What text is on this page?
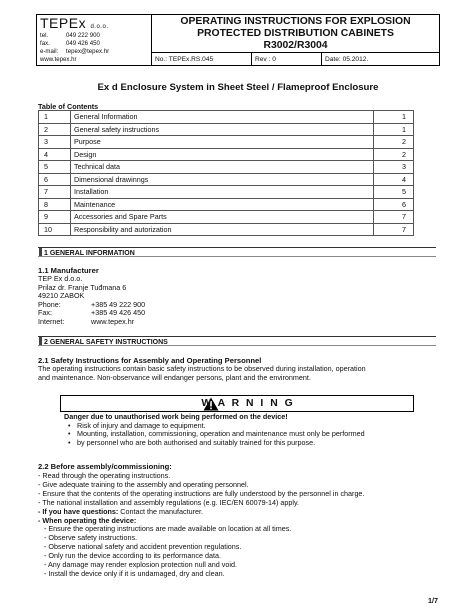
TEPEx d.o.o.
tel.	049 222 900
fax.	049 426 450
e-mail: tepex@tepex.hr
www.tepex.hr
OPERATING INSTRUCTIONS FOR EXPLOSION
PROTECTED DISTRIBUTION CABINETS
R3002/R3004
No.: TEPEx.RS.045	Rev : 0	Date: 05.2012.
Ex d Enclosure System in Sheet Steel / Flameproof Enclosure
Table of Contents
1	General Information	1
2	General safety instructions	1
3	Purpose	2
4	Design	2
5	Technical data	3
6	Dimensional drawinngs	4
7	Installation	5
8	Maintenance	6
9	Accessories and Spare Parts	7
10	Responsibility and autorization	7
1 GENERAL INFORMATION
1.1 Manufacturer
TEP Ex d.o.o.
Prilaz dr. Franje Tuđmana 6
49210 ZABOK
Phone:	+385 49 222 900
Fax:	+385 49 426 450
Internet:	www.tepex.hr
2 GENERAL SAFETY INSTRUCTIONS
2.1 Safety Instructions for Assembly and Operating Personnel
The operating instructions contain basic safety instructions to be observed during installation, operation
and maintenance. Non-observance will endanger persons, plant and the environment.
W A R N I N G
Danger due to unauthorised work being performed on the device!
• Risk of injury and damage to equipment.
• Mounting, installation, commissioning, operation and maintenance must only be performed
• by personnel who are both authorised and suitably trained for this purpose.
2.2 Before assembly/commissioning:
- Read through the operating instructions.
- Give adequate training to the assembly and operating personnel.
- Ensure that the contents of the operating instructions are fully understood by the personnel in charge.
- The national installation and assembly regulations (e.g. IEC/EN 60079-14) apply.
- If you have questions: Contact the manufacturer.
- When operating the device:
- Ensure the operating instructions are made available on location at all times.
- Observe safety instructions.
- Observe national safety and accident prevention regulations.
- Only run the device according to its performance data.
- Any damage may render explosion protection null and void.
- Install the device only if it is undamaged, dry and clean.
1/7
